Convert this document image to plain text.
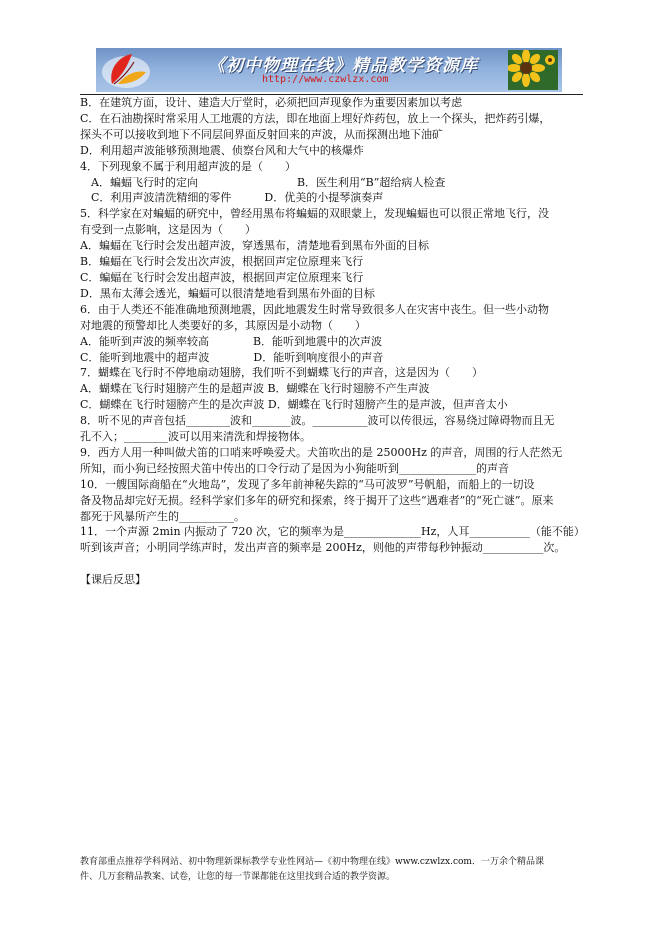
《初中物理在线》精品教学资源库
http://www.czwlzx.com

B．在建筑方面，设计、建造大厅堂时，必须把回声现象作为重要因素加以考虑

C．在石油勘探时常采用人工地震的方法，即在地面上埋好炸药包，放上一个探头，把炸药引爆，

探头不可以接收到地下不同层间界面反射回来的声波，从而探测出地下油矿

D．利用超声波能够预测地震、侦察台风和大气中的核爆炸

4．下列现象不属于利用超声波的是（　　）

　A．蝙蝠飞行时的定向　　　　　　　　　B．医生利用“B”超给病人检查

　C．利用声波清洗精细的零件　　　D．优美的小提琴演奏声

5．科学家在对蝙蝠的研究中，曾经用黑布将蝙蝠的双眼蒙上，发现蝙蝠也可以很正常地飞行，没

有受到一点影响，这是因为（　　）

A．蝙蝠在飞行时会发出超声波，穿透黑布，清楚地看到黑布外面的目标

B．蝙蝠在飞行时会发出次声波，根据回声定位原理来飞行

C．蝙蝠在飞行时会发出超声波，根据回声定位原理来飞行

D．黑布太薄会透光，蝙蝠可以很清楚地看到黑布外面的目标

6．由于人类还不能准确地预测地震，因此地震发生时常导致很多人在灾害中丧生。但一些小动物

对地震的预警却比人类要好的多，其原因是小动物（　　）

A．能听到声波的频率较高　　　　B．能听到地震中的次声波

C．能听到地震中的超声波　　　　D．能听到响度很小的声音

7．蝴蝶在飞行时不停地扇动翅膀，我们听不到蝴蝶飞行的声音，这是因为（　　）

A．蝴蝶在飞行时翅膀产生的是超声波 B．蝴蝶在飞行时翅膀不产生声波

C．蝴蝶在飞行时翅膀产生的是次声波 D．蝴蝶在飞行时翅膀产生的是声波，但声音太小

8．听不见的声音包括________波和_______波。__________波可以传很远，容易绕过障碍物而且无

孔不入；________波可以用来清洗和焊接物体。

9．西方人用一种叫做犬笛的口哨来呼唤爱犬。犬笛吹出的是 25000Hz 的声音，周围的行人茫然无

所知，而小狗已经按照犬笛中传出的口令行动了是因为小狗能听到______________的声音

10．一艘国际商船在“火地岛”，发现了多年前神秘失踪的“马可波罗”号帆船，而船上的一切设

备及物品却完好无损。经科学家们多年的研究和探索，终于揭开了这些“遇难者”的“死亡谜”。原来

都死于风暴所产生的__________。

11．一个声源 2min 内振动了 720 次，它的频率为是______________Hz，人耳___________（能不能）

听到该声音；小明同学练声时，发出声音的频率是 200Hz，则他的声带每秒钟振动___________次。

【课后反思】

教育部重点推荐学科网站、初中物理新课标教学专业性网站—《初中物理在线》www.czwlzx.com．一万余个精品课

件、几万套精品教案、试卷，让您的每一节课都能在这里找到合适的教学资源。
